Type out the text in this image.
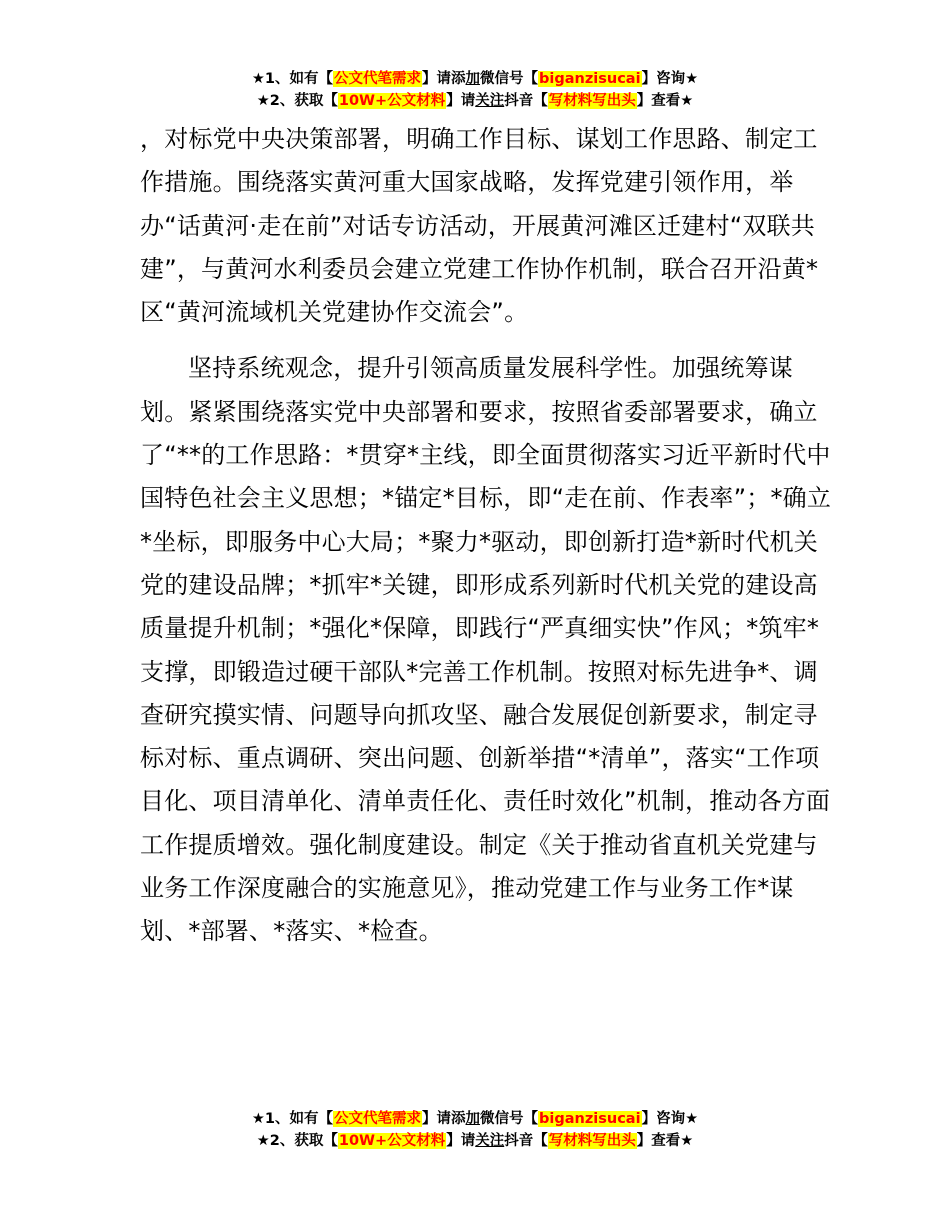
★1、如有【公文代笔需求】请添加微信号【biganzisucai】咨询★
★2、获取【10W+公文材料】请关注抖音【写材料写出头】查看★

，对标党中央决策部署，明确工作目标、谋划工作思路、制定工作措施。围绕落实黄河重大国家战略，发挥党建引领作用，举办“话黄河·走在前”对话专访活动，开展黄河滩区迁建村“双联共建”，与黄河水利委员会建立党建工作协作机制，联合召开沿黄*区“黄河流域机关党建协作交流会”。

坚持系统观念，提升引领高质量发展科学性。加强统筹谋划。紧紧围绕落实党中央部署和要求，按照省委部署要求，确立了“**的工作思路：*贯穿*主线，即全面贯彻落实习近平新时代中国特色社会主义思想；*锚定*目标，即“走在前、作表率”；*确立*坐标，即服务中心大局；*聚力*驱动，即创新打造*新时代机关党的建设品牌；*抓牢*关键，即形成系列新时代机关党的建设高质量提升机制；*强化*保障，即践行“严真细实快”作风；*筑牢*支撑，即锻造过硬干部队*完善工作机制。按照对标先进争*、调查研究摸实情、问题导向抓攻坚、融合发展促创新要求，制定寻标对标、重点调研、突出问题、创新举措“*清单”，落实“工作项目化、项目清单化、清单责任化、责任时效化”机制，推动各方面工作提质增效。强化制度建设。制定《关于推动省直机关党建与业务工作深度融合的实施意见》，推动党建工作与业务工作*谋划、*部署、*落实、*检查。

★1、如有【公文代笔需求】请添加微信号【biganzisucai】咨询★
★2、获取【10W+公文材料】请关注抖音【写材料写出头】查看★
